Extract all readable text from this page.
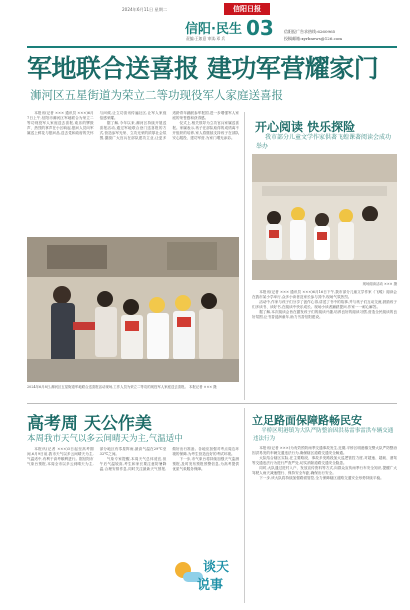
2024年6月11日 星期二	信阳日报
信阳·民生
责编:王如意 审读:邓 兵 03	信阳报广告求热线:6260965
投稿邮箱:xyrbnews@126.com
军地联合送喜报 建功军营耀家门
浉河区五星街道为荣立二等功现役军人家庭送喜报

本报讯(记者 ××× 通讯员 ×××)6月7日上午,信阳市浉河区军地联合为荣立二等功现役军人家庭送去喜报,欢乐的锣鼓声、热烈的掌声在小区响起,慰问人员向军属送上鲜花与慰问品,送去党和政府的关怀与问候,让立功喜讯传遍社区,让军人家庭倍感荣耀。

据了解,今年以来,浉河区持续开展送喜报活动,通过军地联合登门送喜报的方式,营造参军光荣、立功光荣的浓厚社会氛围,激励广大官兵在部队建功立业,让更多适龄青年踊跃参军报国,进一步增强军人家庭的荣誉感和获得感。

仪式上,相关领导为立功官兵家属送喜报。家属表示,孩子在部队取得的成绩离不开组织的培养,家人将继续支持孩子在部队安心服役、建功军营,为家门增光添彩。

2024年6月8日,浉河区五星街道军地联合送喜报活动现场,工作人员为荣立二等功的现役军人家庭送去喜报。 本报记者 ××× 摄
开心阅读 快乐探险
我市部分儿童文学作家供著飞蝗课著阅读会成功举办
现场阅读活动 ××× 摄

本报讯(记者 ××× 通讯员 ×××)6月16日下午,我市部分儿童文学作家《飞蝗》阅读会在我市某小学举行,众多小读者及家长参与其中,现场气氛热烈。

活动中,作家与孩子们分享了创作心得,讲述了书中的故事,并与孩子们互动交流,鼓励孩子们多读书、读好书,在阅读中快乐成长。现场小读者踊跃提问,作家一一耐心解答。

据了解,本次阅读会旨在激发孩子们的阅读兴趣,培养良好的阅读习惯,营造全民阅读的良好氛围,让书香浸润童年,助力书香信阳建设。

高考周 天公作美
本周我市天气以多云间晴天为主,气温适中

本报讯(记者 ×××)3日起至高考期间,6月9日前,我市天气以多云间晴天为主,气温适中,有利于高考顺利进行。据信阳市气象台预报,本周全市以多云到晴天为主,部分地区有零星阵雨,最高气温在29℃至32℃之间。

气象专家提醒,本周天气总体适宜,但午后气温较高,考生和家长要注意防暑降温,合理安排作息,同时关注最新天气预报,做好出行准备。各地应加强对考点周边环境的保障,为考生营造良好的考试环境。

下一步,市气象台将持续加强天气监测预报,及时发布预报预警信息,为高考提供优质气象服务保障。

谈天
说事
立足路面保障路畅民安
平桥区明港镇为大队严防整治因洪易雷事雷洪车辆交通违法行为

本报讯(记者 ×××)为有效预防雨季交通事故发生,近期,平桥区明港镇交警大队严防整治因洪易发的车辆交通违法行为,确保辖区道路交通安全畅通。

大队结合辖区实际,在主要路段、事故多发路段加大巡逻管控力度,对超速、超载、酒驾等交通违法行为进行严查严处,切实消除道路交通安全隐患。

同时,大队通过进村入户、发放宣传资料等方式,向群众宣传雨季行车安全知识,提醒广大驾驶人雨天减速慢行、保持安全车距,确保出行安全。

下一步,该大队将持续加强路面管控,全力保障辖区道路交通安全形势持续平稳。
